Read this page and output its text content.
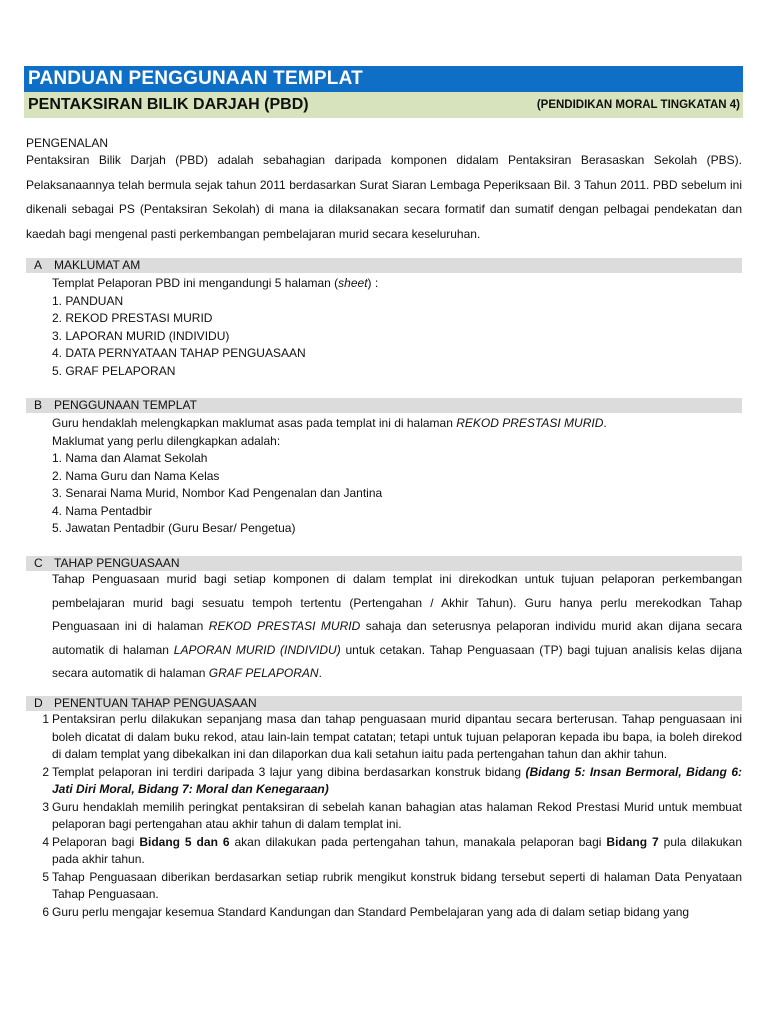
PANDUAN PENGGUNAAN TEMPLAT
PENTAKSIRAN BILIK DARJAH (PBD)	(PENDIDIKAN MORAL TINGKATAN 4)
PENGENALAN
Pentaksiran Bilik Darjah (PBD) adalah sebahagian daripada komponen didalam Pentaksiran Berasaskan Sekolah (PBS). Pelaksanaannya telah bermula sejak tahun 2011 berdasarkan Surat Siaran Lembaga Peperiksaan Bil. 3 Tahun 2011. PBD sebelum ini dikenali sebagai PS (Pentaksiran Sekolah) di mana ia dilaksanakan secara formatif dan sumatif dengan pelbagai pendekatan dan kaedah bagi mengenal pasti perkembangan pembelajaran murid secara keseluruhan.
A MAKLUMAT AM
Templat Pelaporan PBD ini mengandungi 5 halaman (sheet) :
1. PANDUAN
2. REKOD PRESTASI MURID
3. LAPORAN MURID (INDIVIDU)
4. DATA PERNYATAAN TAHAP PENGUASAAN
5. GRAF PELAPORAN
B PENGGUNAAN TEMPLAT
Guru hendaklah melengkapkan maklumat asas pada templat ini di halaman REKOD PRESTASI MURID.
Maklumat yang perlu dilengkapkan adalah:
1. Nama dan Alamat Sekolah
2. Nama Guru dan Nama Kelas
3. Senarai Nama Murid, Nombor Kad Pengenalan dan Jantina
4. Nama Pentadbir
5. Jawatan Pentadbir (Guru Besar/ Pengetua)
C TAHAP PENGUASAAN
Tahap Penguasaan murid bagi setiap komponen di dalam templat ini direkodkan untuk tujuan pelaporan perkembangan pembelajaran murid bagi sesuatu tempoh tertentu (Pertengahan / Akhir Tahun). Guru hanya perlu merekodkan Tahap Penguasaan ini di halaman REKOD PRESTASI MURID sahaja dan seterusnya pelaporan individu murid akan dijana secara automatik di halaman LAPORAN MURID (INDIVIDU) untuk cetakan. Tahap Penguasaan (TP) bagi tujuan analisis kelas dijana secara automatik di halaman GRAF PELAPORAN.
D PENENTUAN TAHAP PENGUASAAN
1 Pentaksiran perlu dilakukan sepanjang masa dan tahap penguasaan murid dipantau secara berterusan. Tahap penguasaan ini boleh dicatat di dalam buku rekod, atau lain-lain tempat catatan; tetapi untuk tujuan pelaporan kepada ibu bapa, ia boleh direkod di dalam templat yang dibekalkan ini dan dilaporkan dua kali setahun iaitu pada pertengahan tahun dan akhir tahun.
2 Templat pelaporan ini terdiri daripada 3 lajur yang dibina berdasarkan konstruk bidang (Bidang 5: Insan Bermoral, Bidang 6: Jati Diri Moral, Bidang 7: Moral dan Kenegaraan)
3 Guru hendaklah memilih peringkat pentaksiran di sebelah kanan bahagian atas halaman Rekod Prestasi Murid untuk membuat pelaporan bagi pertengahan atau akhir tahun di dalam templat ini.
4 Pelaporan bagi Bidang 5 dan 6 akan dilakukan pada pertengahan tahun, manakala pelaporan bagi Bidang 7 pula dilakukan pada akhir tahun.
5 Tahap Penguasaan diberikan berdasarkan setiap rubrik mengikut konstruk bidang tersebut seperti di halaman Data Penyataan Tahap Penguasaan.
6 Guru perlu mengajar kesemua Standard Kandungan dan Standard Pembelajaran yang ada di dalam setiap bidang yang
